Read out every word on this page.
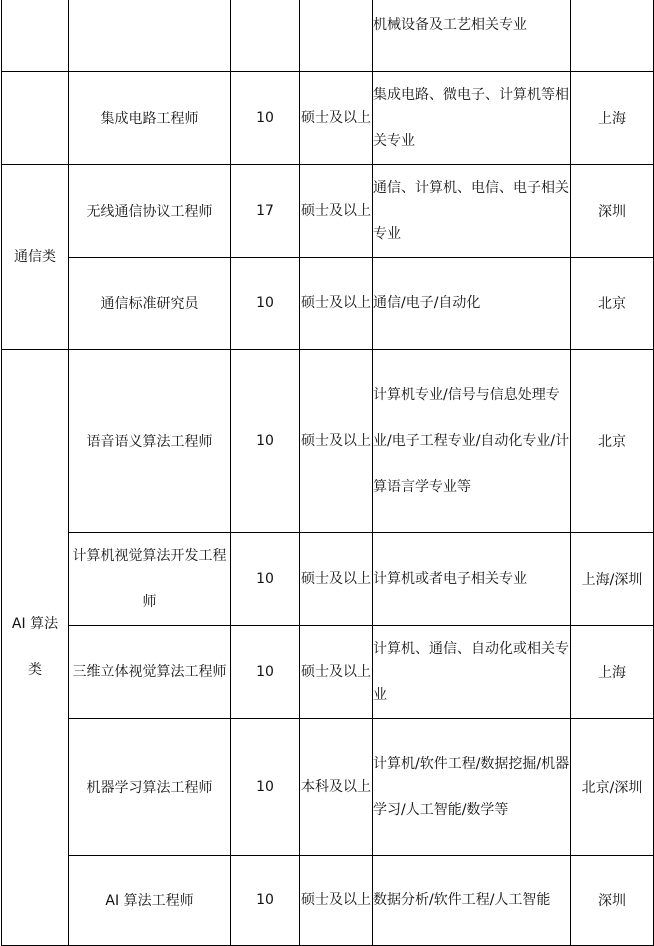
				机械设备及工艺相关专业	
	集成电路工程师	10	硕士及以上	集成电路、微电子、计算机等相关专业	上海
通信类	无线通信协议工程师	17	硕士及以上	通信、计算机、电信、电子相关专业	深圳
	通信标准研究员	10	硕士及以上	通信/电子/自动化	北京
AI 算法类	语音语义算法工程师	10	硕士及以上	计算机专业/信号与信息处理专业/电子工程专业/自动化专业/计算语言学专业等	北京
	计算机视觉算法开发工程师	10	硕士及以上	计算机或者电子相关专业	上海/深圳
	三维立体视觉算法工程师	10	硕士及以上	计算机、通信、自动化或相关专业	上海
	机器学习算法工程师	10	本科及以上	计算机/软件工程/数据挖掘/机器学习/人工智能/数学等	北京/深圳
	AI 算法工程师	10	硕士及以上	数据分析/软件工程/人工智能	深圳
